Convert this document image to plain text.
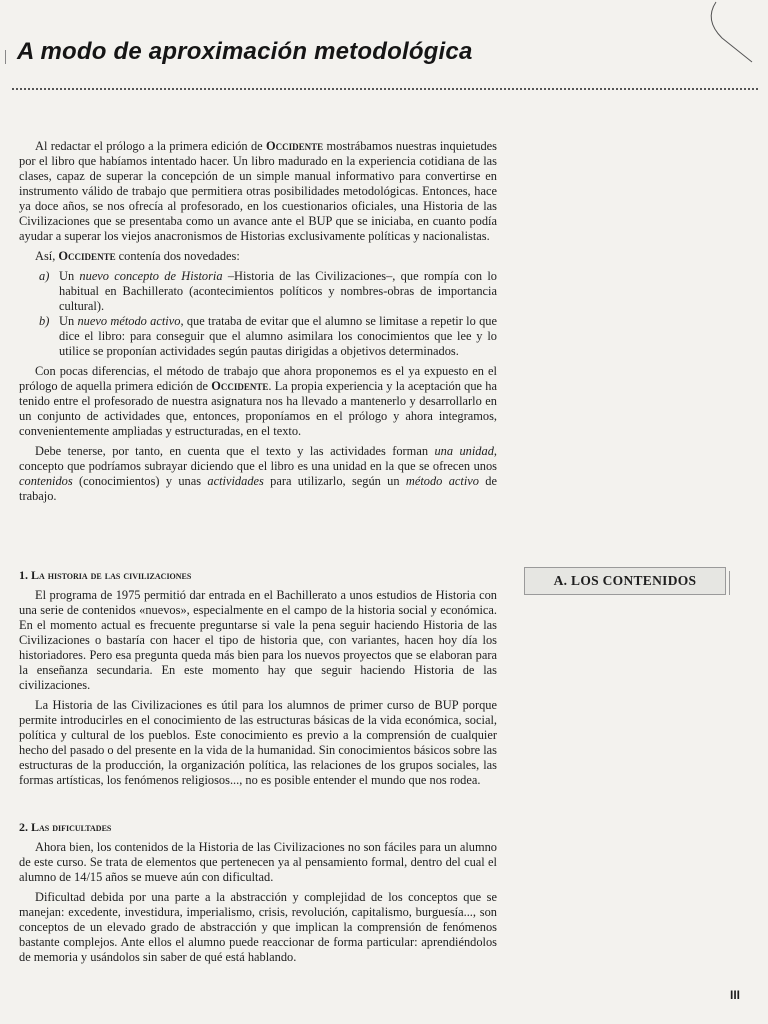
A modo de aproximación metodológica

Al redactar el prólogo a la primera edición de Occidente mostrábamos nuestras inquietudes por el libro que habíamos intentado hacer. Un libro madurado en la experiencia cotidiana de las clases, capaz de superar la concepción de un simple manual informativo para convertirse en instrumento válido de trabajo que permitiera otras posibilidades metodológicas. Entonces, hace ya doce años, se nos ofrecía al profesorado, en los cuestionarios oficiales, una Historia de las Civilizaciones que se presentaba como un avance ante el BUP que se iniciaba, en cuanto podía ayudar a superar los viejos anacronismos de Historias exclusivamente políticas y nacionalistas.

Así, Occidente contenía dos novedades:

a) Un nuevo concepto de Historia –Historia de las Civilizaciones–, que rompía con lo habitual en Bachillerato (acontecimientos políticos y nombres-obras de importancia cultural).
b) Un nuevo método activo, que trataba de evitar que el alumno se limitase a repetir lo que dice el libro: para conseguir que el alumno asimilara los conocimientos que lee y lo utilice se proponían actividades según pautas dirigidas a objetivos determinados.

Con pocas diferencias, el método de trabajo que ahora proponemos es el ya expuesto en el prólogo de aquella primera edición de Occidente. La propia experiencia y la aceptación que ha tenido entre el profesorado de nuestra asignatura nos ha llevado a mantenerlo y desarrollarlo en un conjunto de actividades que, entonces, proponíamos en el prólogo y ahora integramos, convenientemente ampliadas y estructuradas, en el texto.

Debe tenerse, por tanto, en cuenta que el texto y las actividades forman una unidad, concepto que podríamos subrayar diciendo que el libro es una unidad en la que se ofrecen unos contenidos (conocimientos) y unas actividades para utilizarlo, según un método activo de trabajo.

1. La historia de las civilizaciones

El programa de 1975 permitió dar entrada en el Bachillerato a unos estudios de Historia con una serie de contenidos «nuevos», especialmente en el campo de la historia social y económica. En el momento actual es frecuente preguntarse si vale la pena seguir haciendo Historia de las Civilizaciones o bastaría con hacer el tipo de historia que, con variantes, hacen hoy día los historiadores. Pero esa pregunta queda más bien para los nuevos proyectos que se elaboran para la enseñanza secundaria. En este momento hay que seguir haciendo Historia de las civilizaciones.

La Historia de las Civilizaciones es útil para los alumnos de primer curso de BUP porque permite introducirles en el conocimiento de las estructuras básicas de la vida económica, social, política y cultural de los pueblos. Este conocimiento es previo a la comprensión de cualquier hecho del pasado o del presente en la vida de la humanidad. Sin conocimientos básicos sobre las estructuras de la producción, la organización política, las relaciones de los grupos sociales, las formas artísticas, los fenómenos religiosos..., no es posible entender el mundo que nos rodea.

A. LOS CONTENIDOS
2. Las dificultades

Ahora bien, los contenidos de la Historia de las Civilizaciones no son fáciles para un alumno de este curso. Se trata de elementos que pertenecen ya al pensamiento formal, dentro del cual el alumno de 14/15 años se mueve aún con dificultad.

Dificultad debida por una parte a la abstracción y complejidad de los conceptos que se manejan: excedente, investidura, imperialismo, crisis, revolución, capitalismo, burguesía..., son conceptos de un elevado grado de abstracción y que implican la comprensión de fenómenos bastante complejos. Ante ellos el alumno puede reaccionar de forma particular: aprendiéndolos de memoria y usándolos sin saber de qué está hablando.

III
